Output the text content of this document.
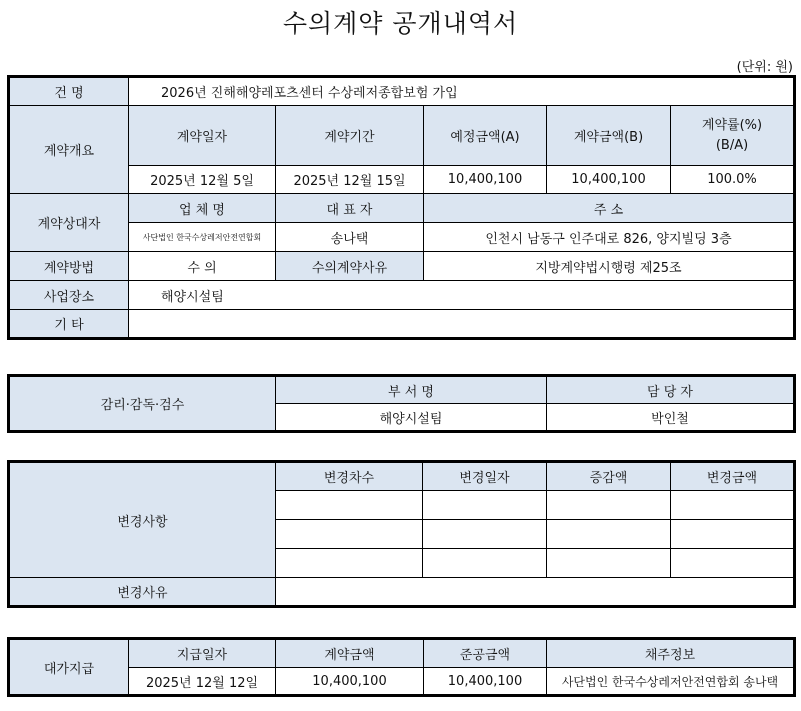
수의계약 공개내역서
(단위: 원)
건 명	2026년 진해해양레포츠센터 수상레저종합보험 가입				
계약개요	계약일자	계약기간	예정금액(A)	계약금액(B)	계약률(%)
(B/A)
	2025년 12월 5일	2025년 12월 15일	10,400,100	10,400,100	100.0%
계약상대자	업 체 명	대 표 자	주 소		
	사단법인 한국수상레저안전연합회	송나택	인천시 남동구 인주대로 826, 양지빌딩 3층		
계약방법	수 의	수의계약사유	지방계약법시행령 제25조		
사업장소	해양시설팀				
기 타					
감리·감독·검수	부 서 명	담 당 자
	해양시설팀	박인철
변경사항	변경차수	변경일자	증감액	변경금액

변경사유				
대가지급	지급일자	계약금액	준공금액	채주정보
	2025년 12월 12일	10,400,100	10,400,100	사단법인 한국수상레저안전연합회 송나택
